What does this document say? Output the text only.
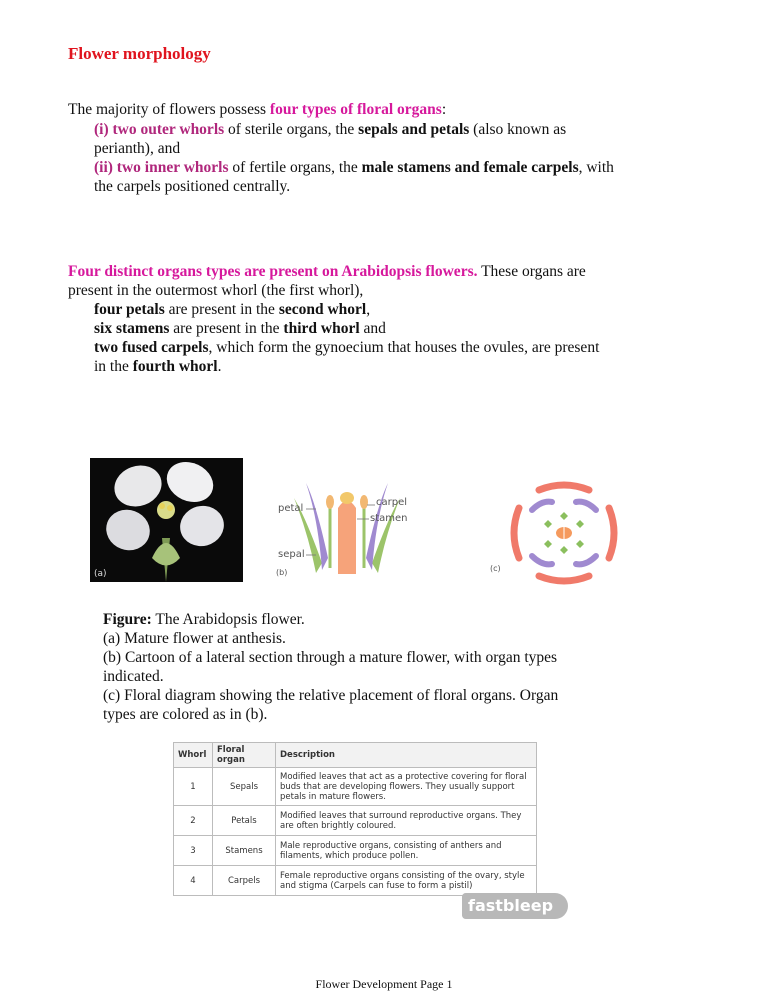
Flower morphology
The majority of flowers possess four types of floral organs:
(i) two outer whorls of sterile organs, the sepals and petals (also known as
perianth), and
(ii) two inner whorls of fertile organs, the male stamens and female carpels, with
the carpels positioned centrally.
Four distinct organs types are present on Arabidopsis flowers. These organs are
present in the outermost whorl (the first whorl),
four petals are present in the second whorl,
six stamens are present in the third whorl and
two fused carpels, which form the gynoecium that houses the ovules, are present
in the fourth whorl.
(a)
petal
carpel
stamen
sepal
(b)	(c)
Figure: The Arabidopsis flower.
(a) Mature flower at anthesis.
(b) Cartoon of a lateral section through a mature flower, with organ types
indicated.
(c) Floral diagram showing the relative placement of floral organs. Organ
types are colored as in (b).
Whorl	Floral organ	Description
1	Sepals	Modified leaves that act as a protective covering for floral buds that are developing flowers. They usually support petals in mature flowers.
2	Petals	Modified leaves that surround reproductive organs. They are often brightly coloured.
3	Stamens	Male reproductive organs, consisting of anthers and filaments, which produce pollen.
4	Carpels	Female reproductive organs consisting of the ovary, style and stigma (Carpels can fuse to form a pistil)
fastbleep
Flower Development Page 1
